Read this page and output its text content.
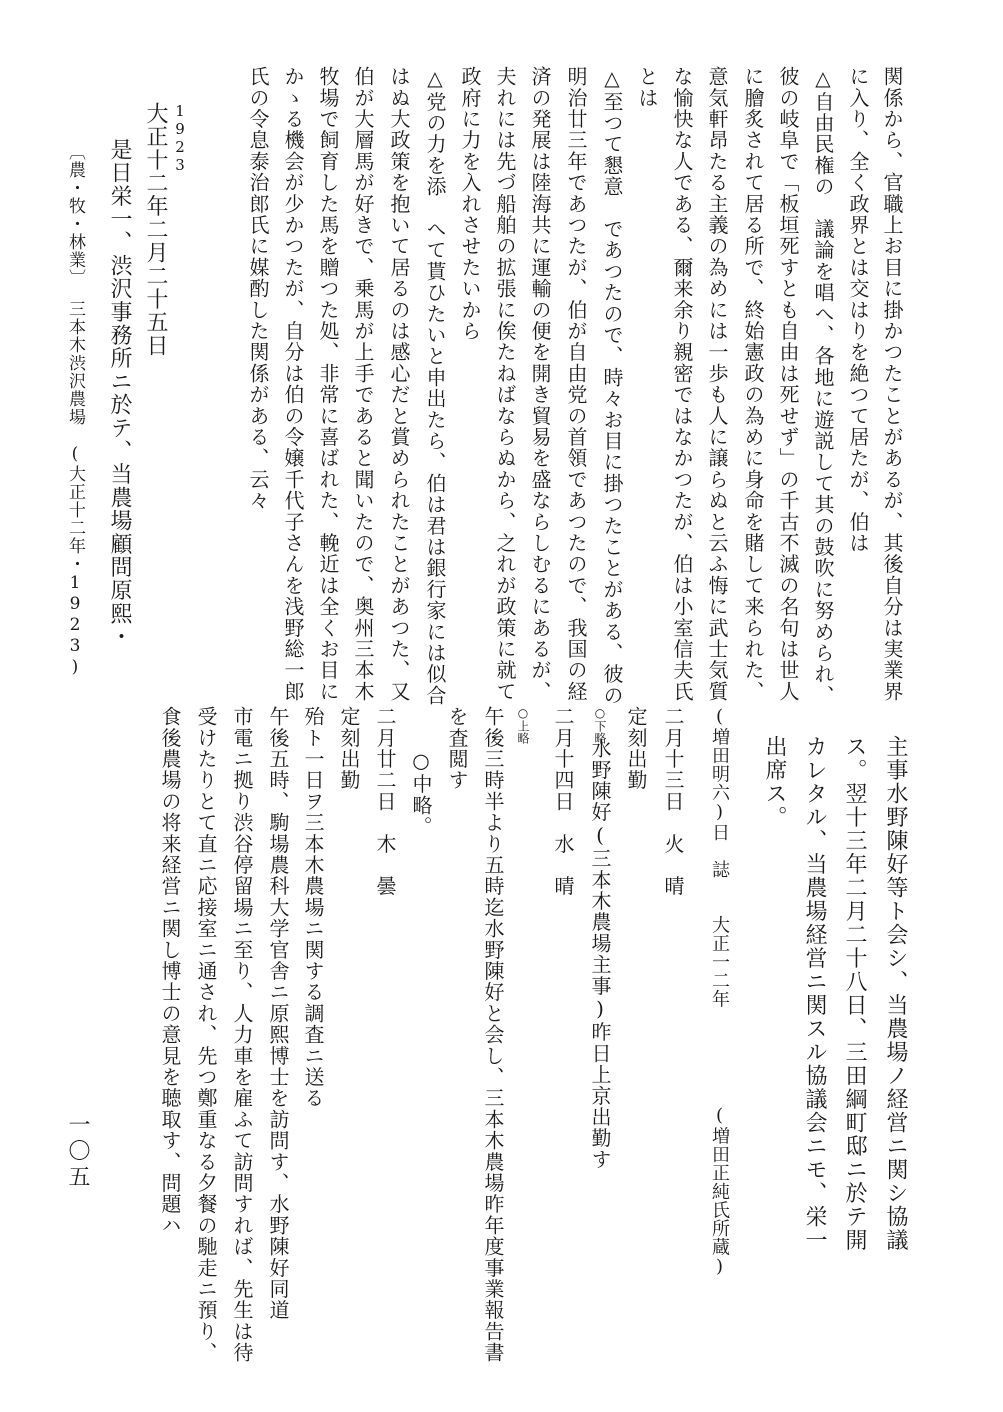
関係から、官職上お目に掛かつたことがあるが、其後自分は実業界
に入り、全く政界とは交はりを絶つて居たが、伯は
△自由民権の　議論を唱へ、各地に遊説して其の鼓吹に努められ、
彼の岐阜で「板垣死すとも自由は死せず」の千古不滅の名句は世人
に膾炙されて居る所で、終始憲政の為めに身命を賭して来られた、
意気軒昂たる主義の為めには一歩も人に譲らぬと云ふ悔に武士気質
な愉快な人である、爾来余り親密ではなかつたが、伯は小室信夫氏
とは
△至つて懇意　であつたので、時々お目に掛つたことがある、彼の
明治廿三年であつたが、伯が自由党の首領であつたので、我国の経
済の発展は陸海共に運輸の便を開き貿易を盛ならしむるにあるが、
夫れには先づ船舶の拡張に俟たねばならぬから、之れが政策に就て
政府に力を入れさせたいから
△党の力を添　へて貰ひたいと申出たら、伯は君は銀行家には似合
はぬ大政策を抱いて居るのは感心だと賞められたことがあつた、又
伯が大層馬が好きで、乗馬が上手であると聞いたので、奥州三本木
牧場で飼育した馬を贈つた処、非常に喜ばれた、輓近は全くお目に
かゝる機会が少かつたが、自分は伯の令嬢千代子さんを浅野総一郎
氏の令息泰治郎氏に媒酌した関係がある、云々
1923
大正十二年二月二十五日
是日栄一、渋沢事務所ニ於テ、当農場顧問原熙・
〔農・牧・林業〕
三本木渋沢農場　(大正十二年・1923)
主事水野陳好等ト会シ、当農場ノ経営ニ関シ協議
ス。翌十三年二月二十八日、三田綱町邸ニ於テ開
カレタル、当農場経営ニ関スル協議会ニモ、栄一
出席ス。
(増田明六)日　誌　　大正一二年
(増田正純氏所蔵)
二月十三日　火　晴
定刻出勤
○下略
水野陳好(三本木農場主事)昨日上京出勤す
二月十四日　水　晴
○上略
午後三時半より五時迄水野陳好と会し、三本木農場昨年度事業報告書
を査閲す
　　○中略。
二月廿二日　木　曇
定刻出勤
殆ト一日ヲ三本木農場ニ関する調査ニ送る
午後五時、駒場農科大学官舎ニ原熙博士を訪問す、水野陳好同道
市電ニ拠り渋谷停留場ニ至り、人力車を雇ふて訪問すれば、先生は待
受けたりとて直ニ応接室ニ通され、先つ鄭重なる夕餐の馳走ニ預り、
食後農場の将来経営ニ関し博士の意見を聴取す、問題ハ
一〇五
